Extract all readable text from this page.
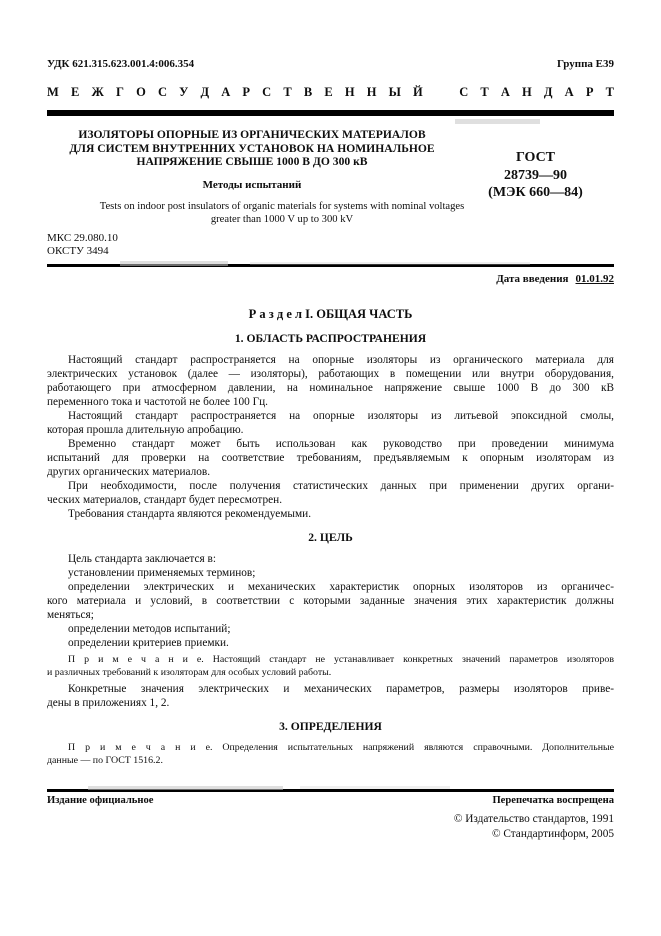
УДК 621.315.623.001.4:006.354	Группа Е39
М Е Ж Г О С У Д А Р С Т В Е Н Н Ы Й   С Т А Н Д А Р Т
ИЗОЛЯТОРЫ ОПОРНЫЕ ИЗ ОРГАНИЧЕСКИХ МАТЕРИАЛОВ
ДЛЯ СИСТЕМ ВНУТРЕННИХ УСТАНОВОК НА НОМИНАЛЬНОЕ
НАПРЯЖЕНИЕ СВЫШЕ 1000 В ДО 300 кВ
Методы испытаний
Tests on indoor post insulators of organic materials for systems with nominal voltages
greater than 1000 V up to 300 kV
ГОСТ
28739—90
(МЭК 660—84)
МКС 29.080.10
ОКСТУ 3494
Дата введения 01.01.92
Р а з д е л I. ОБЩАЯ ЧАСТЬ
1. ОБЛАСТЬ РАСПРОСТРАНЕНИЯ
Настоящий стандарт распространяется на опорные изоляторы из органического материала для
электрических установок (далее — изоляторы), работающих в помещении или внутри оборудования,
работающего при атмосферном давлении, на номинальное напряжение свыше 1000 В до 300 кВ
переменного тока и частотой не более 100 Гц.
Настоящий стандарт распространяется на опорные изоляторы из литьевой эпоксидной смолы,
которая прошла длительную апробацию.
Временно стандарт может быть использован как руководство при проведении минимума
испытаний для проверки на соответствие требованиям, предъявляемым к опорным изоляторам из
других органических материалов.
При необходимости, после получения статистических данных при применении других органи-
ческих материалов, стандарт будет пересмотрен.
Требования стандарта являются рекомендуемыми.
2. ЦЕЛЬ
Цель стандарта заключается в:
установлении применяемых терминов;
определении электрических и механических характеристик опорных изоляторов из органичес-
кого материала и условий, в соответствии с которыми заданные значения этих характеристик должны
меняться;
определении методов испытаний;
определении критериев приемки.
П р и м е ч а н и е. Настоящий стандарт не устанавливает конкретных значений параметров изоляторов
и различных требований к изоляторам для особых условий работы.
Конкретные значения электрических и механических параметров, размеры изоляторов приве-
дены в приложениях 1, 2.
3. ОПРЕДЕЛЕНИЯ
П р и м е ч а н и е. Определения испытательных напряжений являются справочными. Дополнительные
данные — по ГОСТ 1516.2.
Издание официальное	Перепечатка воспрещена
© Издательство стандартов, 1991
© Стандартинформ, 2005
